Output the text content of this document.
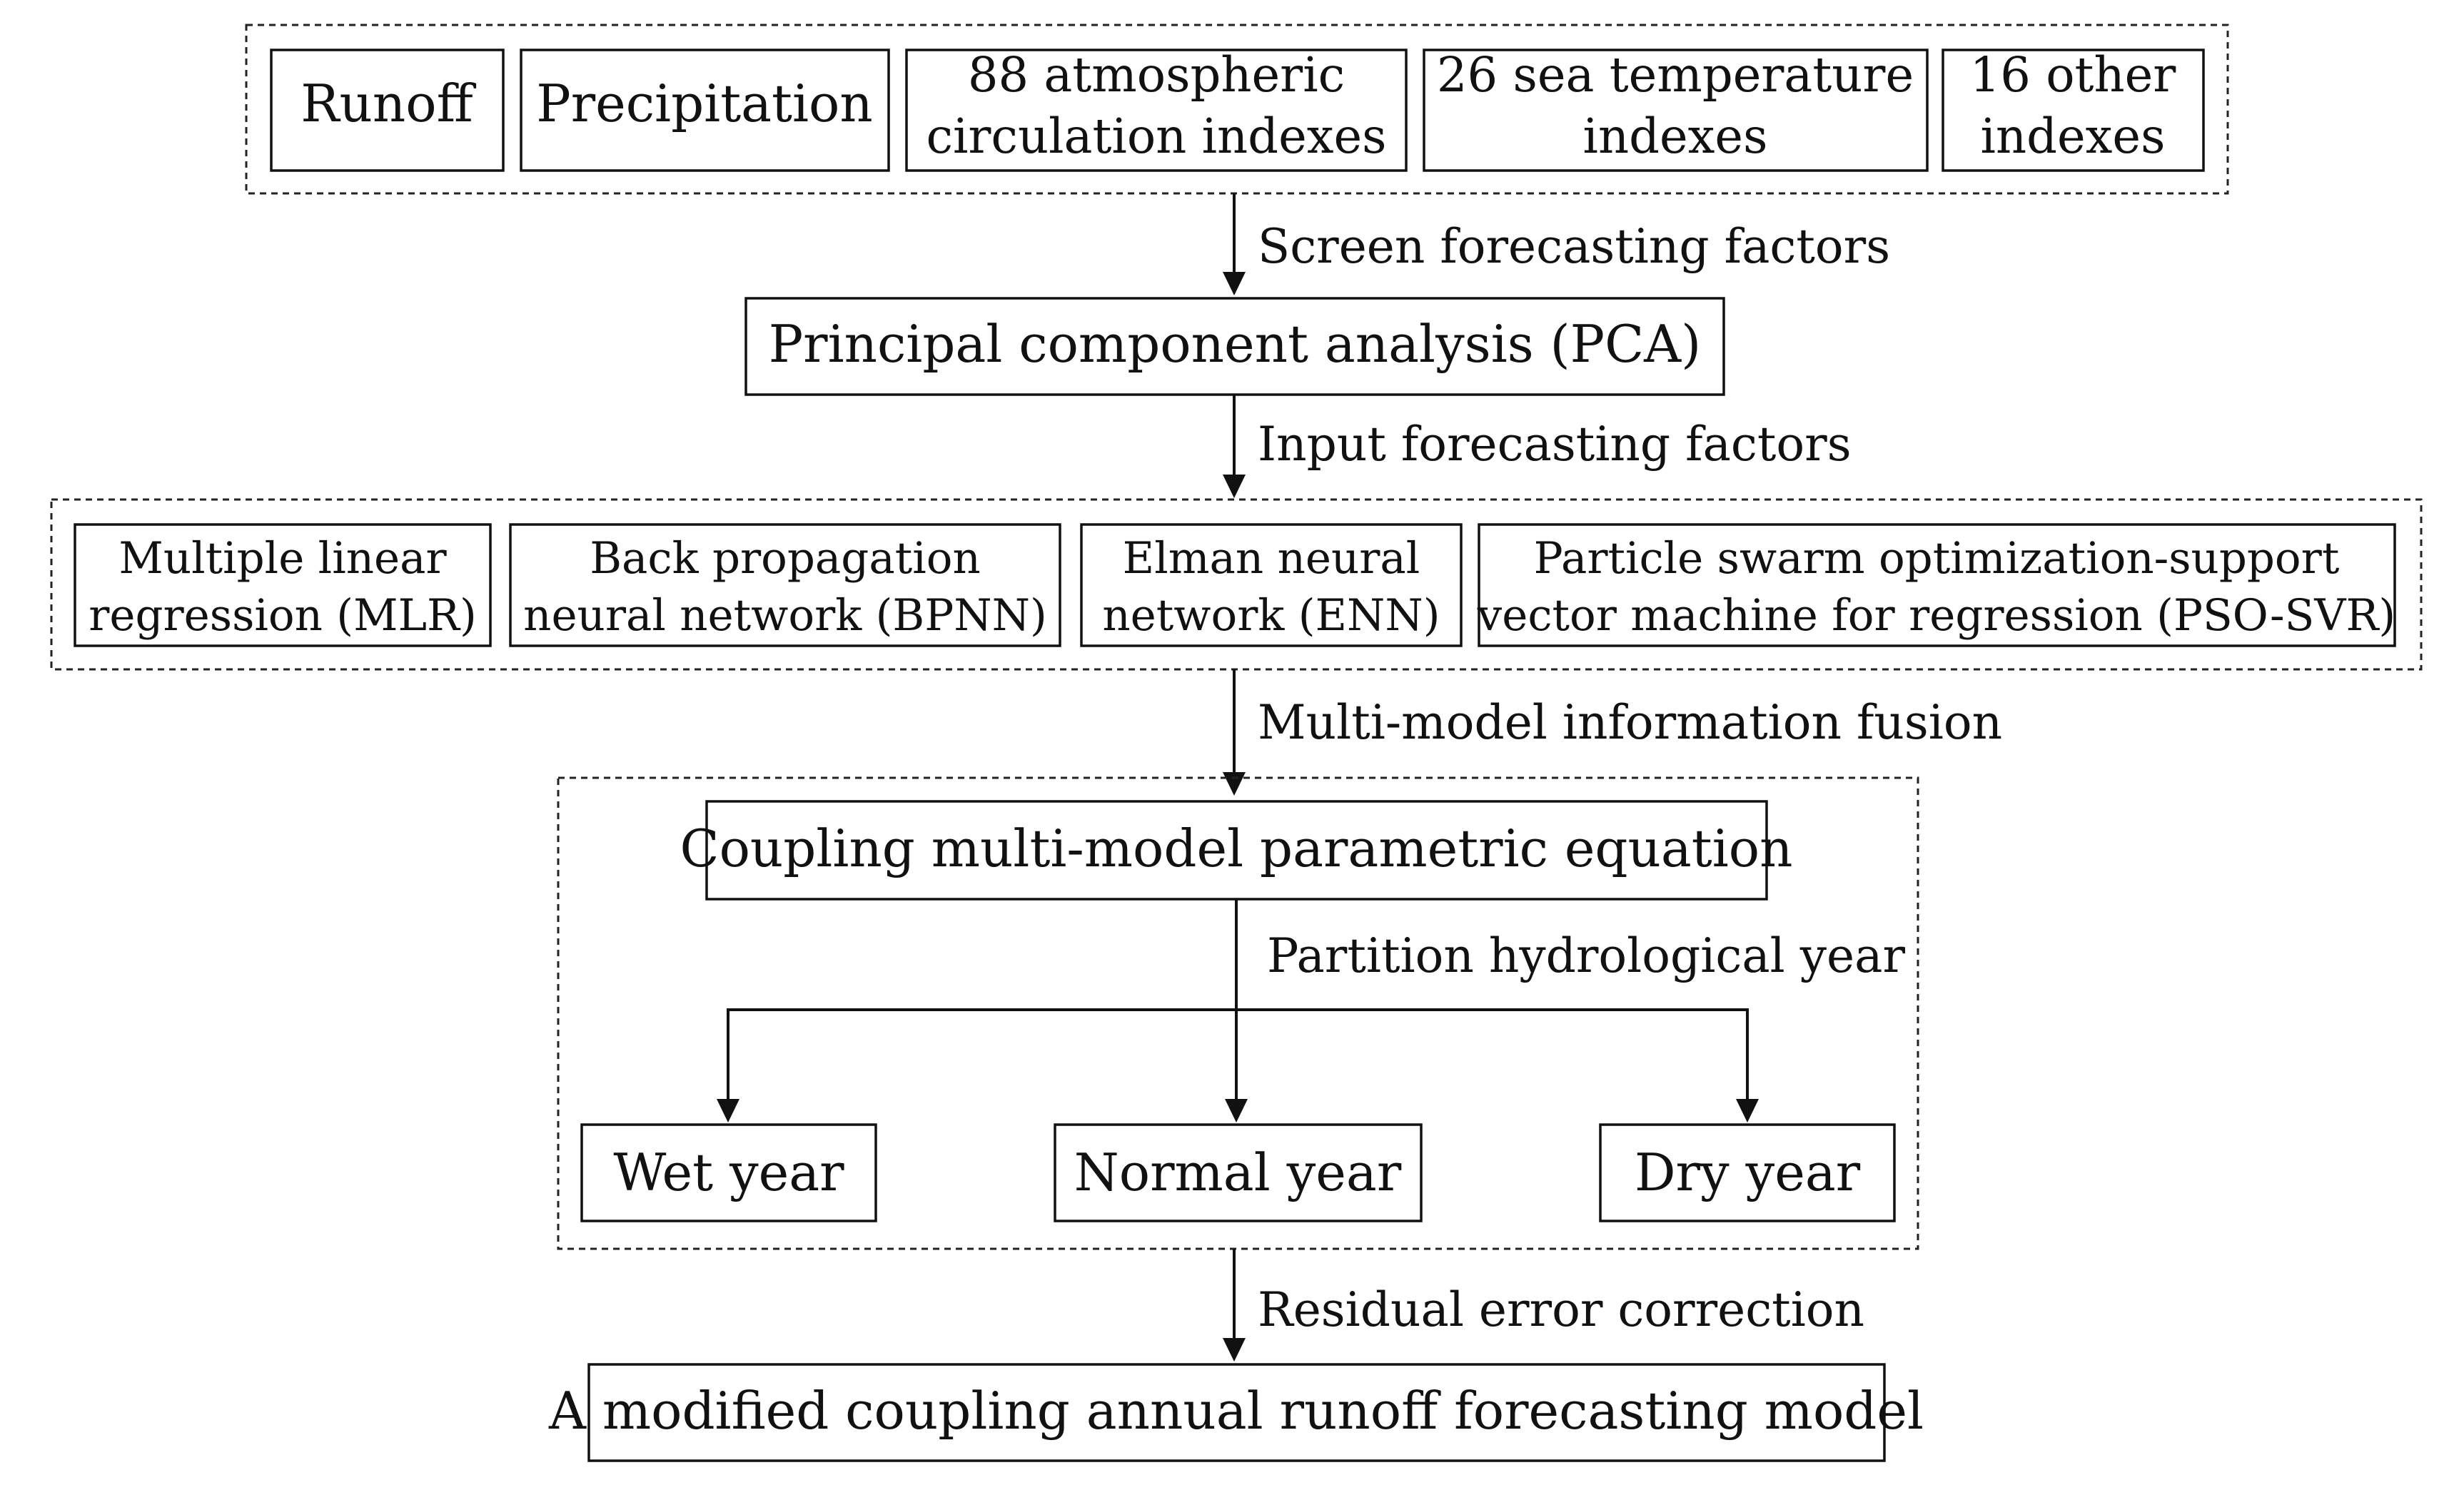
Runoff Precipitation 88 atmospheric
circulation indexes
26 sea temperature
indexes
16 other
indexes
Screen forecasting factors
Principal component analysis (PCA)
Input forecasting factors
Multiple linear
regression (MLR)
Back propagation
neural network (BPNN)
Elman neural
network (ENN)
Particle swarm optimization-support
vector machine for regression (PSO-SVR)
Multi-model information fusion
Coupling multi-model parametric equation
Partition hydrological year
Wet year	Normal year	Dry year
Residual error correction
A modified coupling annual runoff forecasting model
